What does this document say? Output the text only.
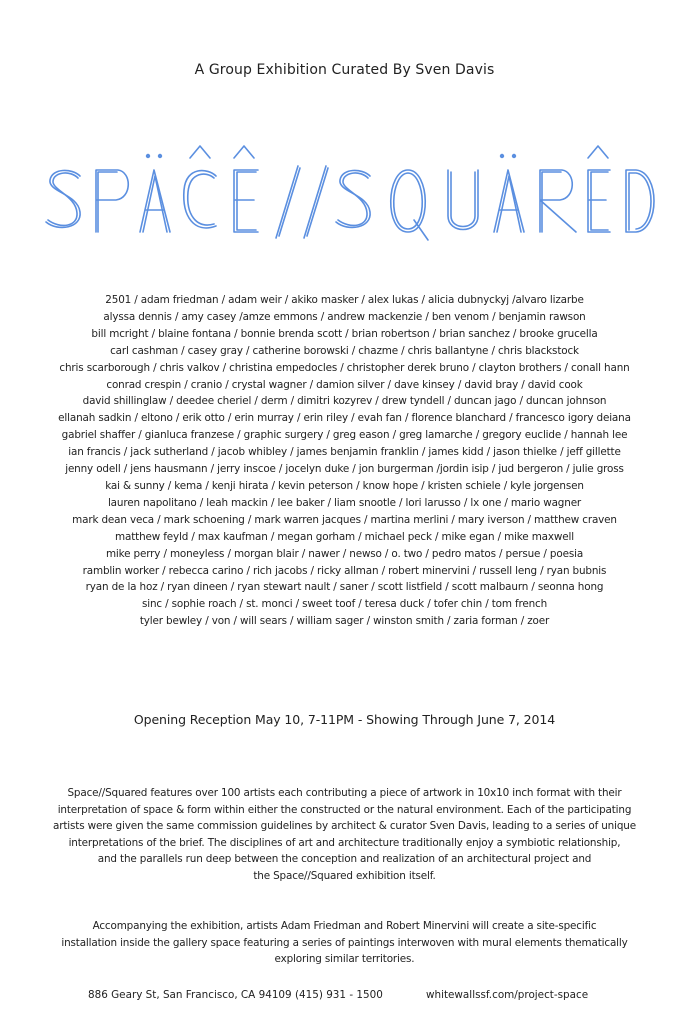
A Group Exhibition Curated By Sven Davis
2501 / adam friedman / adam weir / akiko masker / alex lukas / alicia dubnyckyj /alvaro lizarbe
alyssa dennis / amy casey /amze emmons / andrew mackenzie / ben venom / benjamin rawson
bill mcright / blaine fontana / bonnie brenda scott / brian robertson / brian sanchez / brooke grucella
carl cashman / casey gray / catherine borowski / chazme / chris ballantyne / chris blackstock
chris scarborough / chris valkov / christina empedocles / christopher derek bruno / clayton brothers / conall hann
conrad crespin / cranio / crystal wagner / damion silver / dave kinsey / david bray / david cook
david shillinglaw / deedee cheriel / derm / dimitri kozyrev / drew tyndell / duncan jago / duncan johnson
ellanah sadkin / eltono / erik otto / erin murray / erin riley / evah fan / florence blanchard / francesco igory deiana
gabriel shaffer / gianluca franzese / graphic surgery / greg eason / greg lamarche / gregory euclide / hannah lee
ian francis / jack sutherland / jacob whibley / james benjamin franklin / james kidd / jason thielke / jeff gillette
jenny odell / jens hausmann / jerry inscoe / jocelyn duke / jon burgerman /jordin isip / jud bergeron / julie gross
kai & sunny / kema / kenji hirata / kevin peterson / know hope / kristen schiele / kyle jorgensen
lauren napolitano / leah mackin / lee baker / liam snootle / lori larusso / lx one / mario wagner
mark dean veca / mark schoening / mark warren jacques / martina merlini / mary iverson / matthew craven
matthew feyld / max kaufman / megan gorham / michael peck / mike egan / mike maxwell
mike perry / moneyless / morgan blair / nawer / newso / o. two / pedro matos / persue / poesia
ramblin worker / rebecca carino / rich jacobs / ricky allman / robert minervini / russell leng / ryan bubnis
ryan de la hoz / ryan dineen / ryan stewart nault / saner / scott listfield / scott malbaurn / seonna hong
sinc / sophie roach / st. monci / sweet toof / teresa duck / tofer chin / tom french
tyler bewley / von / will sears / william sager / winston smith / zaria forman / zoer
Opening Reception May 10, 7-11PM - Showing Through June 7, 2014
Space//Squared features over 100 artists each contributing a piece of artwork in 10x10 inch format with their
interpretation of space & form within either the constructed or the natural environment. Each of the participating
artists were given the same commission guidelines by architect & curator Sven Davis, leading to a series of unique
interpretations of the brief. The disciplines of art and architecture traditionally enjoy a symbiotic relationship,
and the parallels run deep between the conception and realization of an architectural project and
the Space//Squared exhibition itself.
Accompanying the exhibition, artists Adam Friedman and Robert Minervini will create a site-specific
installation inside the gallery space featuring a series of paintings interwoven with mural elements thematically
exploring similar territories.
886 Geary St, San Francisco, CA 94109 (415) 931 - 1500	whitewallssf.com/project-space
